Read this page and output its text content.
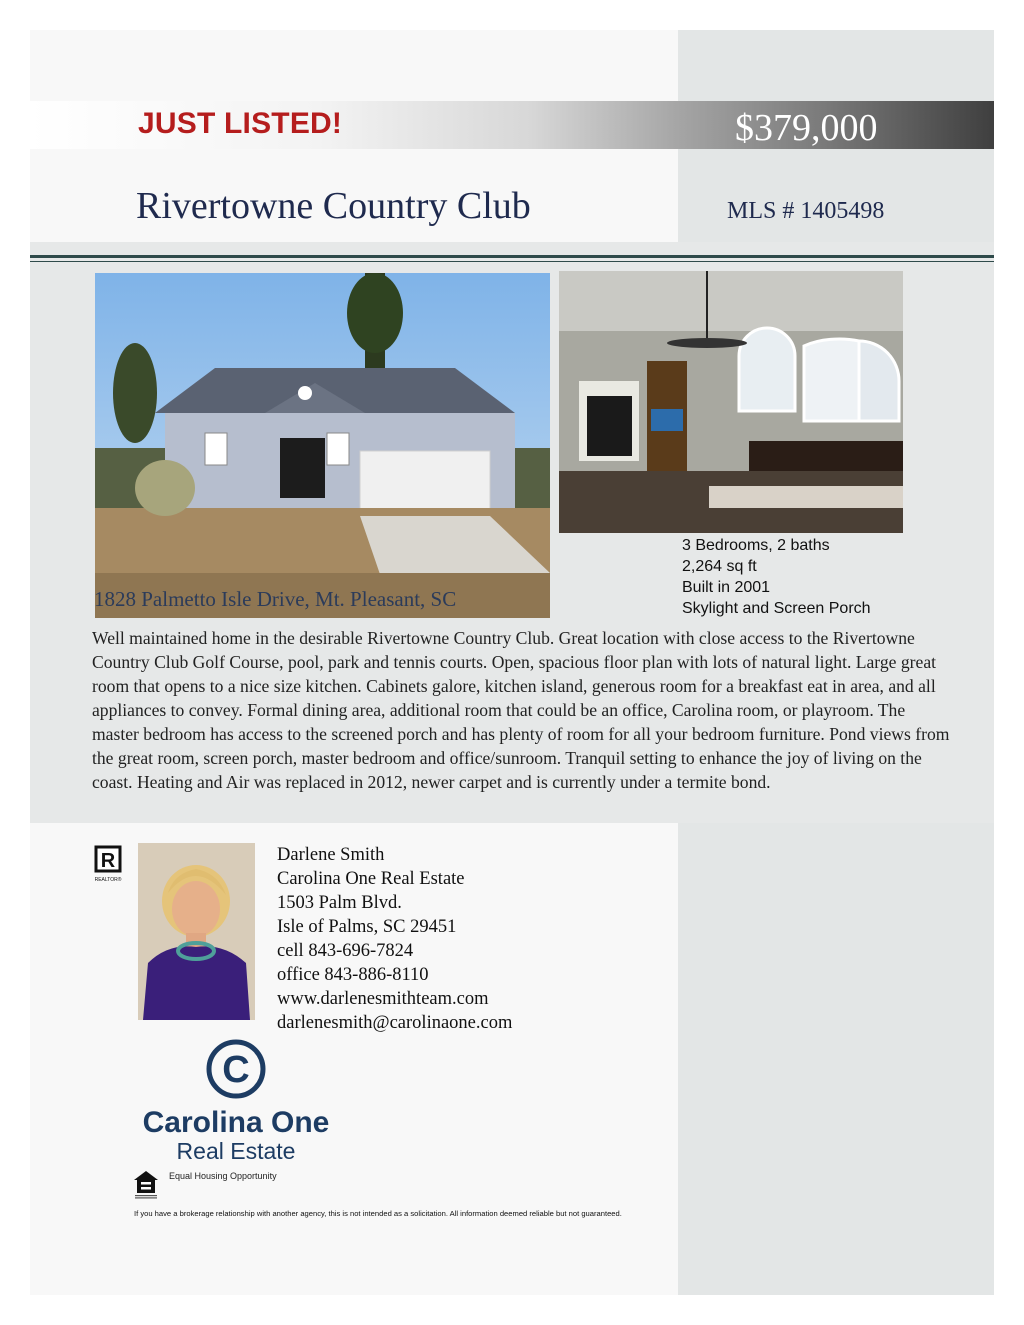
JUST LISTED!	$379,000
Rivertowne Country Club	MLS # 1405498
1828 Palmetto Isle Drive, Mt. Pleasant, SC
3 Bedrooms, 2 baths
2,264 sq ft
Built in 2001
Skylight and Screen Porch
Well maintained home in the desirable Rivertowne Country Club. Great location with close access to the Rivertowne Country Club Golf Course, pool, park and tennis courts. Open, spacious floor plan with lots of natural light. Large great room that opens to a nice size kitchen. Cabinets galore, kitchen island, generous room for a breakfast eat in area, and all appliances to convey. Formal dining area, additional room that could be an office, Carolina room, or playroom. The master bedroom has access to the screened porch and has plenty of room for all your bedroom furniture. Pond views from the great room, screen porch, master bedroom and office/sunroom. Tranquil setting to enhance the joy of living on the coast. Heating and Air was replaced in 2012, newer carpet and is currently under a termite bond.
R
REALTOR®
Darlene Smith
Carolina One Real Estate
1503 Palm Blvd.
Isle of Palms, SC 29451
cell 843-696-7824
office 843-886-8110
www.darlenesmithteam.com
darlenesmith@carolinaone.com
C
Carolina One
Real Estate
Equal Housing Opportunity
If you have a brokerage relationship with another agency, this is not intended as a solicitation. All information deemed reliable but not guaranteed.
